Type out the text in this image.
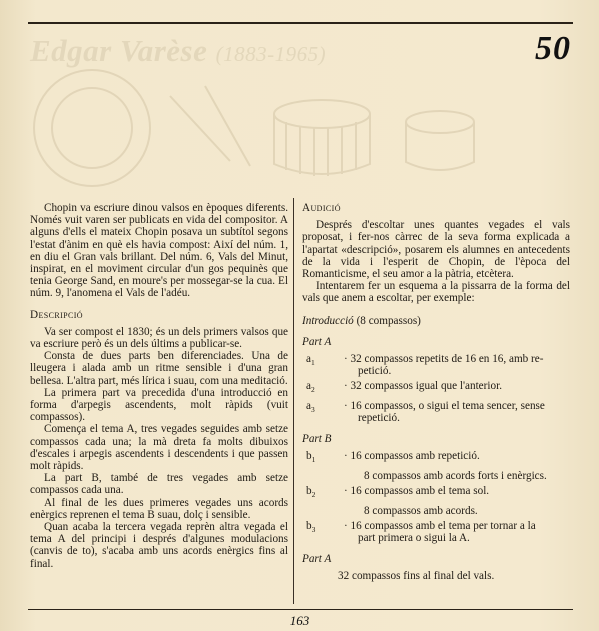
Edgar Varèse (1883-1965)	50

Chopin va escriure dinou valsos en èpoques diferents. Només vuit varen ser publicats en vida del compositor. A alguns d'ells el mateix Chopin posava un subtítol segons l'estat d'ànim en què els havia compost: Així del núm. 1, en diu el Gran vals brillant. Del núm. 6, Vals del Minut, inspirat, en el moviment circular d'un gos pequinès que tenia George Sand, en moure's per mossegar-se la cua. El núm. 9, l'anomena el Vals de l'adéu.

Descripció

Va ser compost el 1830; és un dels primers valsos que va escriure però és un dels últims a publicar-se.

Consta de dues parts ben diferenciades. Una de lleugera i alada amb un ritme sensible i d'una gran bellesa. L'altra part, més lírica i suau, com una meditació.

La primera part va precedida d'una introducció en forma d'arpegis ascendents, molt ràpids (vuit compassos).

Comença el tema A, tres vegades seguides amb setze compassos cada una; la mà dreta fa molts dibuixos d'escales i arpegis ascendents i descendents i que passen molt ràpids.

La part B, també de tres vegades amb setze compassos cada una.

Al final de les dues primeres vegades uns acords enèrgics reprenen el tema B suau, dolç i sensible.

Quan acaba la tercera vegada reprèn altra vegada el tema A del principi i després d'algunes modulacions (canvis de to), s'acaba amb uns acords enèrgics fins al final.

Audició

Després d'escoltar unes quantes vegades el vals proposat, i fer-nos càrrec de la seva forma explicada a l'apartat «descripció», posarem els alumnes en antecedents de la vida i l'esperit de Chopin, de l'època del Romanticisme, el seu amor a la pàtria, etcètera.

Intentarem fer un esquema a la pissarra de la forma del vals que anem a escoltar, per exemple:

Introducció (8 compassos)

Part A

$a_1$	· 32 compassos repetits de 16 en 16, amb re-
petició.
$a_2$	· 32 compassos igual que l'anterior.
$a_3$	· 16 compassos, o sigui el tema sencer, sense
repetició.

Part B

$b_1$	· 16 compassos amb repetició.
8 compassos amb acords forts i enèrgics.
$b_2$	· 16 compassos amb el tema sol.
8 compassos amb acords.
$b_3$	· 16 compassos amb el tema per tornar a la
part primera o sigui la A.

Part A

32 compassos fins al final del vals.
163
